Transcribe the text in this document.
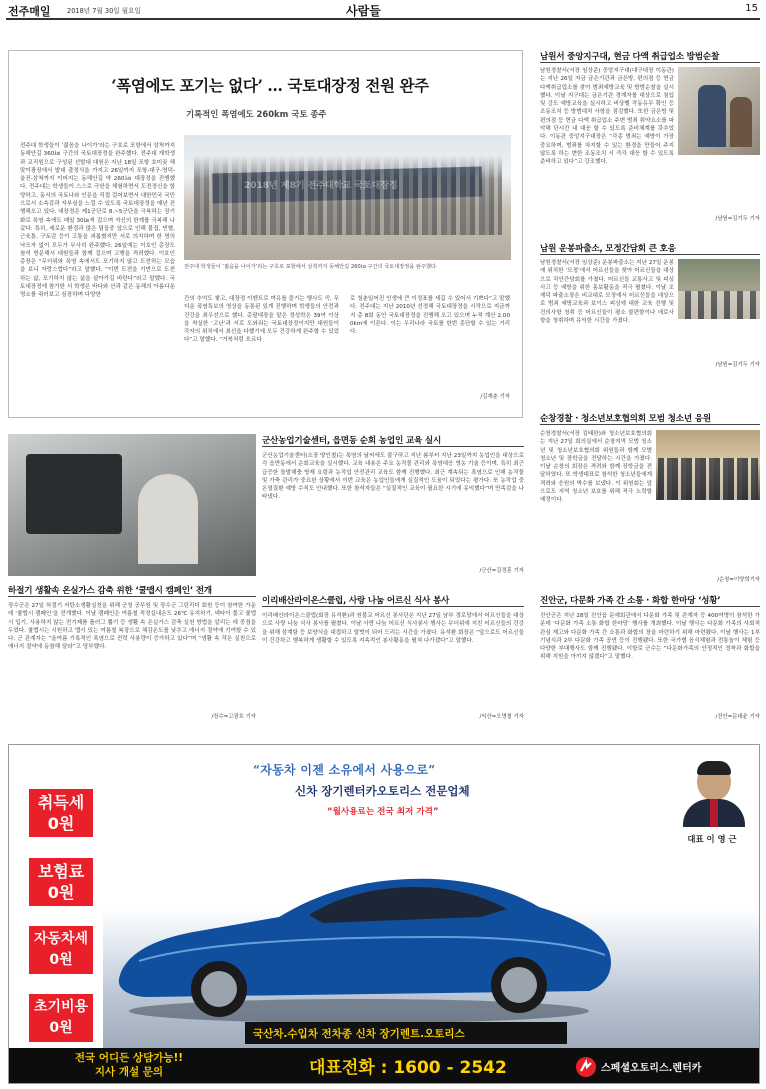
전주매일 2018년 7월 30일 월요일	사람들	15
‘폭염에도 포기는 없다’ … 국토대장정 전원 완주
기록적인 폭염에도 260km 국토 종주
전주대 학생들이 ‘젊음을 나이가’라는 구호로 포항에서 삼척까지 동해안길 360㎞ 구간의 국토대장정을 완주했다. 전주대 재학생과 교직원으로 구성된 선발대 대원은 지난 18일 포항 호미곶 해맞이광장에서 발대 출정식을 가지고 26일까지 포항-대구-영덕-울진-삼척까지 이어지는 동해안길 약 260㎞ 대장정을 진행했다. 전주대는 학생들이 스스로 극한을 체험하면서 도전정신을 함양하고, 동서의 국토나와 인문을 직접 걸어보면서 대한민국 국민으로서 소속감과 자부심을 느낄 수 있도록 국토대장정을 매년 진행해오고 있다. 대장정은 제1군단로 8.~5군단을 극복하는 장기화로 폭염 속에도 매일 30㎞씩 걸으며 자신의 한계를 극복해 나갔다. 특히, 세로운 환경과 많은 팀들중 앞으로 인해 물집, 빈혈, 근육통, 구토감 등이 고통을 괴롭혔지만 서로 의지하며 한 명의 낙오자 없이 모두가 무사히 완주했다. 26일에는 이호인 총장도 참석 방문해서 대원들과 함께 걸으며 고행을 격려했다. 이호인 총장은 “무더위와 폭염 속에서도 포기하지 않고 도전하는 모습을 보니 자랑스럽다”라고 말했다. “이번 도전을 기반으로 도전하는 삶, 포기하지 않는 삶을 살아가길 바란다”라고 말했다. 국토대장정에 참가한 서 학생은 바다와 산과 같은 동해의 아름다운 명소를 쥐러보고 심장하며 다양한
전주대 학생들이 ‘젊음을 나이가’라는 구호로 포항에서 삼척까지 동해안길 260㎞ 구간의 국토대장정을 완주했다.
간의 추억도 쌓고, 대장정 이벤트로 여유를 즐기는 행사도 즉, 무더운 폭염특보의 영상을 동통된 있게 진행하며 학생들의 안전과 건강을 최우선으로 했다. 총괄대장을 맡은 정성학은 39여 이상을 착실한 ‘고난’과 서로 도와줘는 국토대장정이지만 대원들이 각자의 위치에서 최선을 다했기에 모두 건강하게 완주할 수 있었다”고 말했다. “거북처럼 흐르다
로 청춘일어진 인생에 큰 이정표를 세길 수 있어서 기쁘다”고 말했다. 전주대는 지난 2010년 선정해 국토대장정을 시작으로 지금까지 총 8회 동안 국토대장정을 진행해 오고 있으며 누적 계산 2,000km에 이른다. 이는 우리나라 국토를 한번 종단할 수 있는 거리다.
/김재춘 기자
남원서 중앙지구대, 현금 다액 취급업소 방범순찰
남원경찰서(서장 임상준) 중앙지구대(대구대장 이동관)는 지난 26일 자금 금은기관과 금은방, 편의점 등 현금 다액취급업소를 찾아 범죄예방교육 및 방범순찰을 실시했다. 이날 지구대는 금은기관 경계자를 대상으로 침입 및 강도 예방교육을 실시하고 비상벨 작동유무 확인 등 조동조치 등 방범대처 사항을 점검했다. 또한 금은방 및 편의점 등 현금 다액 취급업소 주변 범죄 취약요소를 파악해 단시간 내 대응 할 수 있도록 준비체계를 갖추었다. 이동관 중앙지구대장은 “각종 범죄는 예방이 가장 중요하며, 범죄를 차지할 수 있는 환경을 만들어 주지 않도록 하는 변한 조동조치 시 즉각 대응 할 수 있도록 준비하고 있다”고 강조했다.
/남원=김기두 기자
남원 운봉파출소, 모정간담회 큰 호응
남원경찰서(서장 임상준) 운봉파출소는 지난 27일 운봉에 위치한 ‘모정’에서 어르신들을 찾아 어르신들을 대상으로 치안간담회를 가졌다. 어르신들 교통사고 및 피싱사고 등 예방을 위한 홍보활동을 적극 펼쳤다. 이날 조재덕 파출소장은 비교대로 모정에서 어르신들을 대상으로 범죄 예방교육과 보이스 피싱에 대한 교육 진행 및 건의사항 청취 등 어르신들이 평소 불편함이나 애로사항을 청취하며 유익한 시간을 가졌다.
/남원=김기두 기자
순창경찰 · 청소년보호협의회 모범 청소년 응원
순창경찰서(서장 김태완)와 청소년보호협의회는 지난 27일 회의실에서 순창지역 모범 청소년 및 청소년보호협의회 위원들과 함께 모범 청소년 및 장학금을 전달하는 시간을 가졌다. 이날 순창의 회장은 격려와 함께 장학금을 전달하였다. 또 학생대표로 참석한 청소년들에게 격려와 응원의 박수를 보냈다. 이 위원회는 앞으로도 지역 청소년 보호를 위해 적극 노력할 예정이다.
/순창=이양희기자
하절기 생활속 온실가스 감축 위한 ‘쿨맵시 캠페인’ 전개
장수군은 27일 하절기 저탄소생활실천을 위해 군청 공무원 및 장수군 그린리더 회원 등이 참여한 가운데 ‘쿨맵시 캠페인’을 전개했다. 이날 캠페인은 여름철 적정실내온도 26℃ 유지하기, 넥타이 풀고 쿨맵시 입기, 사용하지 않는 전기제품 플러그 뽑기 등 생활 속 온실가스 감축 실천 방법을 알리는 데 중점을 두었다. 쿨맵시는 시원하고 맵시 있는 여름철 복장으로 체감온도를 낮추고 에너지 절약에 기여할 수 있다. 군 관계자는 “올여름 기록적인 폭염으로 전력 사용량이 증가하고 있다”며 “생활 속 작은 실천으로 에너지 절약에 동참해 달라”고 당부했다.
/장수=고광호 기자
군산농업기술센터, 읍면동 순회 농업인 교육 실시
군산농업기술센터(소장 양인철)는 폭염의 날씨에도 불구하고 지난 봄부터 지난 23일까지 농업인을 대상으로 각 읍면동에서 순회교육을 실시했다. 교육 내용은 주요 농작물 관리와 폭염대응 영농 기술 등이며, 특히 최근 급증한 돌발해충 방제 요령과 농작업 안전관리 교육도 함께 진행했다. 최근 계속되는 폭염으로 인해 농작물 및 가축 관리가 중요한 상황에서 이번 교육은 농업인들에게 실질적인 도움이 되었다는 평가다. 또 농작업 중 온열질환 예방 수칙도 안내했다. 또한 참석자들은 “실질적인 교육이 필요한 시기에 유익했다”며 만족감을 나타냈다.
/군산=김정훈 기자
이리배산라이온스클럽, 사랑 나눔 어르신 식사 봉사
이리배산라이온스클럽(회장 유석환)과 원불교 어르신 봉사단은 지난 27일 남부 경로당에서 어르신들을 대상으로 사랑 나눔 식사 봉사를 펼쳤다. 이날 사랑 나눔 어르신 식사봉사 행사는 무더위에 지친 어르신들의 건강을 위해 삼계탕 등 보양식을 대접하고 말벗이 되어 드리는 시간을 가졌다. 유석환 회장은 “앞으로도 어르신들이 건강하고 행복하게 생활할 수 있도록 지속적인 봉사활동을 펼쳐 나가겠다”고 말했다.
/익산=오명철 기자
진안군, 다문화 가족 간 소통 · 화합 한마당 ‘성황’
진안군은 지난 28일 진안읍 문예회관에서 다문화 가족 및 관계자 등 400여명이 참석한 가운데 ‘다문화 가족 소통 화합 한마당’ 행사를 개최했다. 이날 행사는 다문화 가족의 사회적 관심 제고와 다문화 가족 간 소통과 화합의 장을 마련하기 위해 마련됐다. 이날 행사는 1부 기념식과 2부 다문화 가족 공연 등이 진행됐다. 또한 국가별 음식체험과 전통놀이 체험 등 다양한 부대행사도 함께 진행됐다. 이항로 군수는 “다문화가족의 안정적인 정착과 화합을 위해 지원을 아끼지 않겠다”고 말했다.
/진안=문대윤 기자
취득세
0원
보험료
0원
자동차세
0원
초기비용
0원
“자동차 이젠 소유에서 사용으로”
신차 장기렌터카오토리스 전문업체
“월사용료는 전국 최저 가격”
대표 이 영 근
국산차.수입차 전차종 신차 장기렌트.오토리스
전국 어디든 상담가능!!
지사 개설 문의	대표전화 : 1600 - 2542	스페셜오토리스.렌터카
